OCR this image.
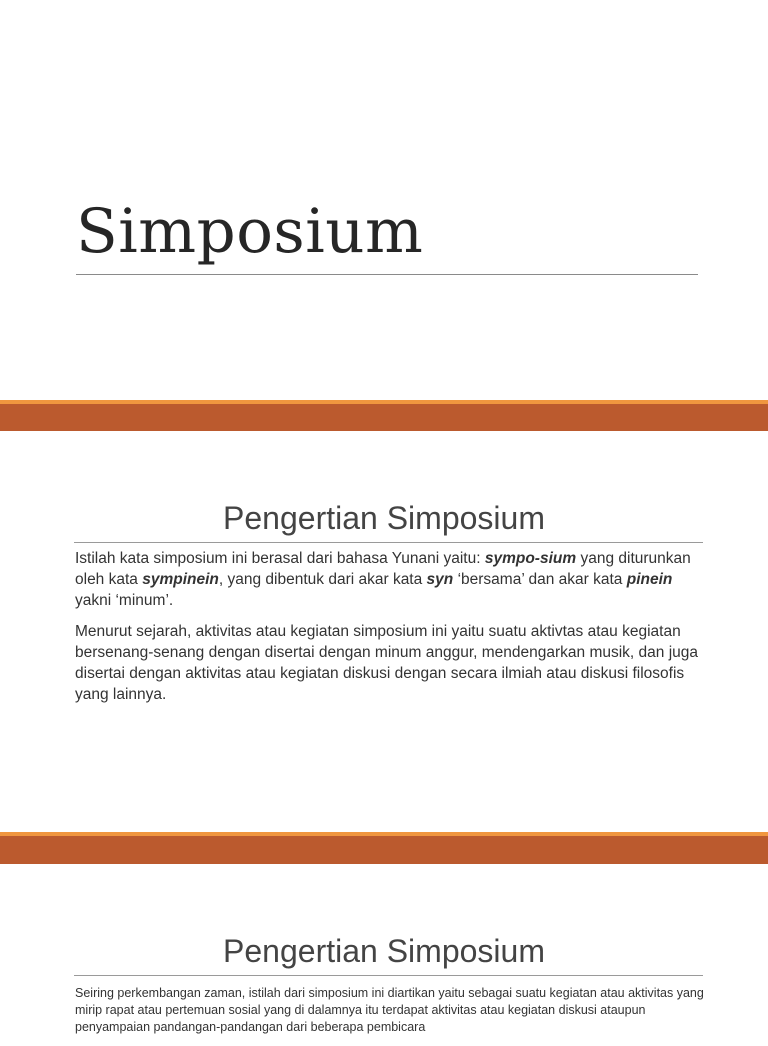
Simposium
Pengertian Simposium

Istilah kata simposium ini berasal dari bahasa Yunani yaitu: sympo-sium yang diturunkan oleh kata sympinein, yang dibentuk dari akar kata syn ‘bersama’ dan akar kata pinein yakni ‘minum’.

Menurut sejarah, aktivitas atau kegiatan simposium ini yaitu suatu aktivtas atau kegiatan bersenang-senang dengan disertai dengan minum anggur, mendengarkan musik, dan juga disertai dengan aktivitas atau kegiatan diskusi dengan secara ilmiah atau diskusi filosofis yang lainnya.

Pengertian Simposium

Seiring perkembangan zaman, istilah dari simposium ini diartikan yaitu sebagai suatu kegiatan atau aktivitas yang mirip rapat atau pertemuan sosial yang di dalamnya itu terdapat aktivitas atau kegiatan diskusi ataupun penyampaian pandangan-pandangan dari beberapa pembicara
